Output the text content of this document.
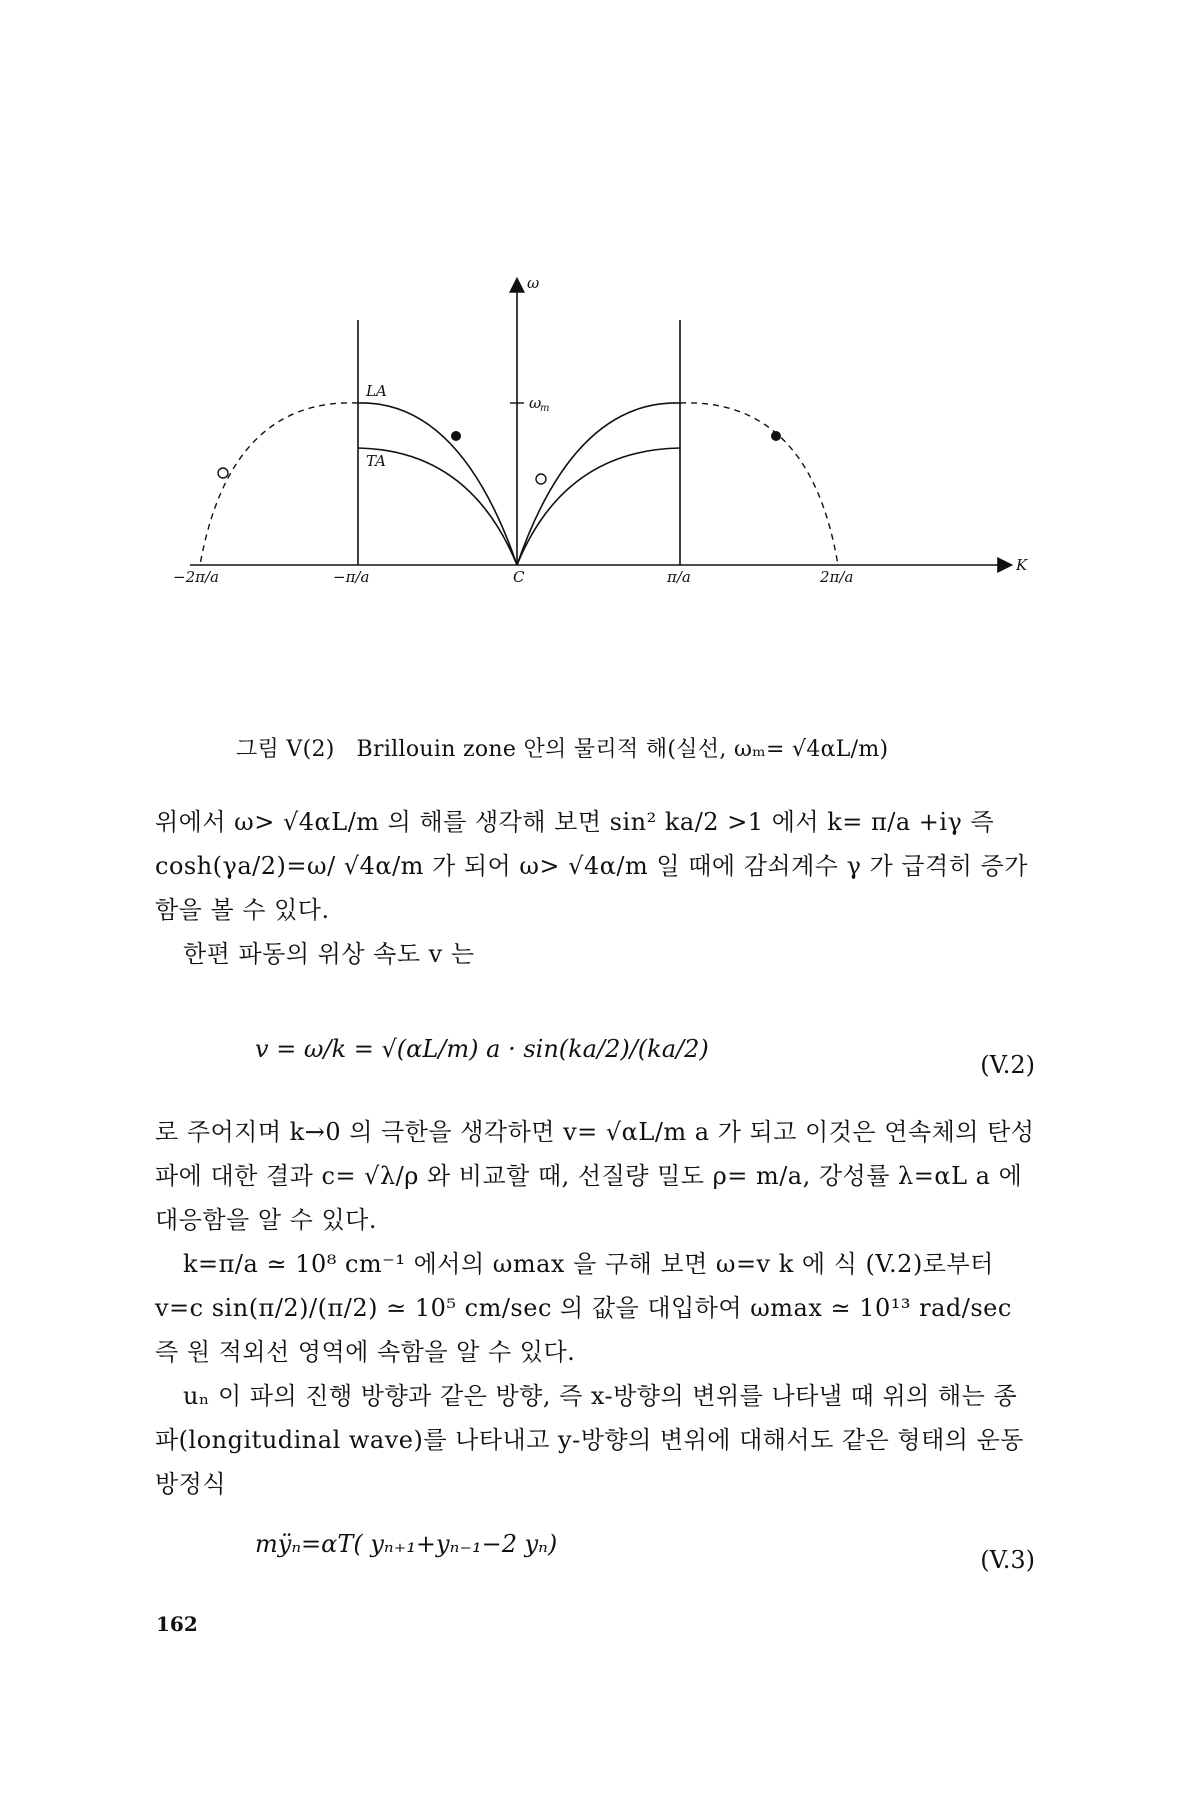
ω
K
ω
m
LA
TA
−2π/a	−π/a	C	π/a	2π/a
그림 V(2) Brillouin zone 안의 물리적 해(실선, ωₘ= √4αL/m)

위에서 ω> √4αL/m 의 해를 생각해 보면 sin² ka/2 >1 에서 k= π/a +iγ 즉 cosh(γa/2)=ω/ √4α/m 가 되어 ω> √4α/m 일 때에 감쇠계수 γ 가 급격히 증가함을 볼 수 있다.

한편 파동의 위상 속도 v 는

v = ω/k = √(αL/m) a · sin(ka/2)/(ka/2)
(V.2)

로 주어지며 k→0 의 극한을 생각하면 v= √αL/m a 가 되고 이것은 연속체의 탄성파에 대한 결과 c= √λ/ρ 와 비교할 때, 선질량 밀도 ρ= m/a, 강성률 λ=αL a 에 대응함을 알 수 있다.

k=π/a ≃ 10⁸ cm⁻¹ 에서의 ωmax 을 구해 보면 ω=v k 에 식 (V.2)로부터 v=c sin(π/2)/(π/2) ≃ 10⁵ cm/sec 의 값을 대입하여 ωmax ≃ 10¹³ rad/sec 즉 원 적외선 영역에 속함을 알 수 있다.

uₙ 이 파의 진행 방향과 같은 방향, 즉 x-방향의 변위를 나타낼 때 위의 해는 종파(longitudinal wave)를 나타내고 y-방향의 변위에 대해서도 같은 형태의 운동 방정식

mÿₙ=αT( yₙ₊₁+yₙ₋₁−2 yₙ)
(V.3)
162
